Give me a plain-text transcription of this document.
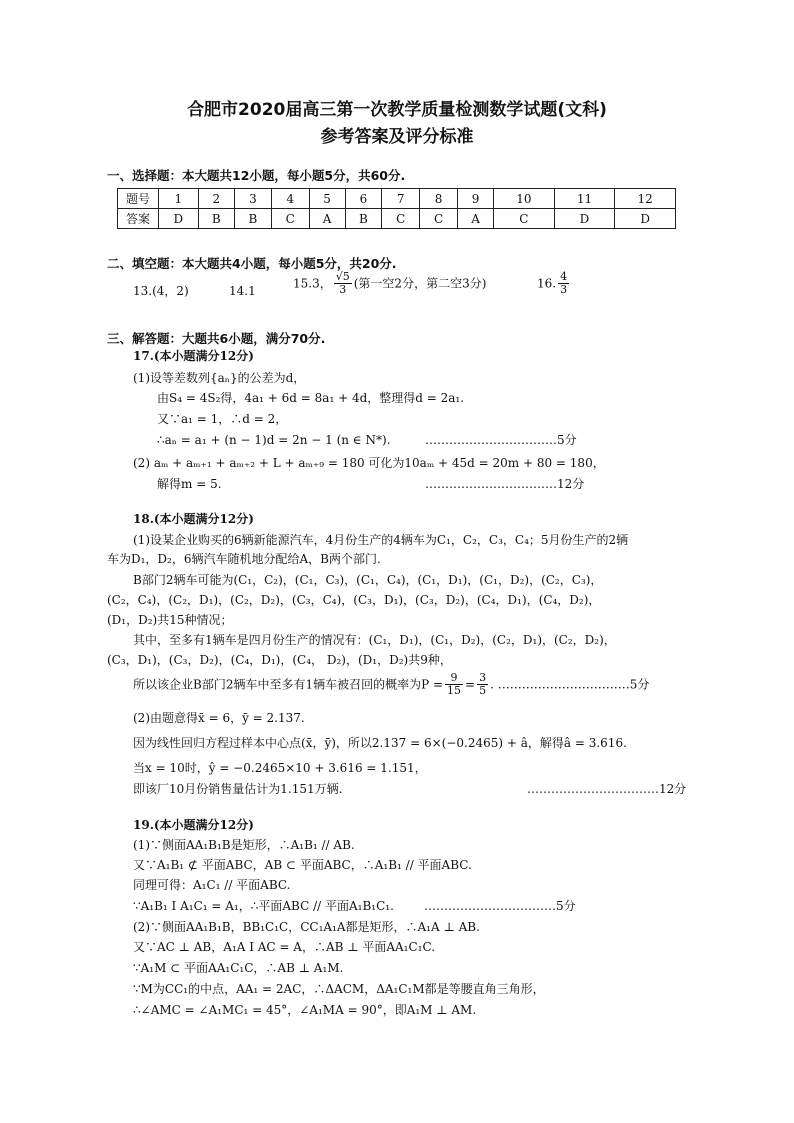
合肥市2020届高三第一次教学质量检测数学试题(文科)
参考答案及评分标准
一、选择题：本大题共12小题，每小题5分，共60分.
题号	1	2	3	4	5	6	7	8	9	10	11	12
答案	D	B	B	C	A	B	C	C	A	C	D	D
二、填空题：本大题共4小题，每小题5分，共20分.
13.(4，2)	14.1
15.3， $\frac{√5}{3}$ (第一空2分，第二空3分)	16. $\frac{4}{3}$
三、解答题：大题共6小题，满分70分.
17.(本小题满分12分)
(1)设等差数列{aₙ}的公差为d，
由S₄ = 4S₂得，4a₁ + 6d = 8a₁ + 4d，整理得d = 2a₁.
又∵a₁ = 1，∴d = 2，
∴aₙ = a₁ + (n − 1)d = 2n − 1 (n ∈ N*).	……………………………5分
(2) aₘ + aₘ₊₁ + aₘ₊₂ + L + aₘ₊₉ = 180 可化为10aₘ + 45d = 20m + 80 = 180，
解得m = 5.	……………………………12分
18.(本小题满分12分)
(1)设某企业购买的6辆新能源汽车，4月份生产的4辆车为C₁，C₂，C₃，C₄；5月份生产的2辆
车为D₁，D₂，6辆汽车随机地分配给A，B两个部门.
B部门2辆车可能为(C₁，C₂)，(C₁，C₃)，(C₁，C₄)，(C₁，D₁)，(C₁，D₂)，(C₂，C₃)，
(C₂，C₄)，(C₂，D₁)，(C₂，D₂)，(C₃，C₄)，(C₃，D₁)，(C₃，D₂)，(C₄，D₁)，(C₄，D₂)，
(D₁，D₂)共15种情况；
其中，至多有1辆车是四月份生产的情况有：(C₁，D₁)，(C₁，D₂)，(C₂，D₁)，(C₂，D₂)，
(C₃，D₁)，(C₃，D₂)，(C₄，D₁)，(C₄， D₂)，(D₁，D₂)共9种，
所以该企业B部门2辆车中至多有1辆车被召回的概率为$P = \frac{9}{15} = \frac{3}{5}$ . ……………………………5分
(2)由题意得x̄ = 6，ȳ = 2.137.
因为线性回归方程过样本中心点(x̄，ȳ)，所以2.137 = 6×(−0.2465) + â，解得â = 3.616.
当x = 10时，ŷ = −0.2465×10 + 3.616 = 1.151，
即该厂10月份销售量估计为1.151万辆.	……………………………12分
19.(本小题满分12分)
(1)∵侧面AA₁B₁B是矩形，∴A₁B₁ // AB.
又∵A₁B₁ ⊄ 平面ABC，AB ⊂ 平面ABC，∴A₁B₁ // 平面ABC.
同理可得：A₁C₁ // 平面ABC.
∵A₁B₁ I A₁C₁ = A₁，∴平面ABC // 平面A₁B₁C₁.	……………………………5分
(2)∵侧面AA₁B₁B，BB₁C₁C，CC₁A₁A都是矩形，∴A₁A ⊥ AB.
又∵AC ⊥ AB，A₁A I AC = A，∴AB ⊥ 平面AA₁C₁C.
∵A₁M ⊂ 平面AA₁C₁C，∴AB ⊥ A₁M.
∵M为CC₁的中点，AA₁ = 2AC，∴ΔACM，ΔA₁C₁M都是等腰直角三角形，
∴∠AMC = ∠A₁MC₁ = 45°，∠A₁MA = 90°，即A₁M ⊥ AM.
